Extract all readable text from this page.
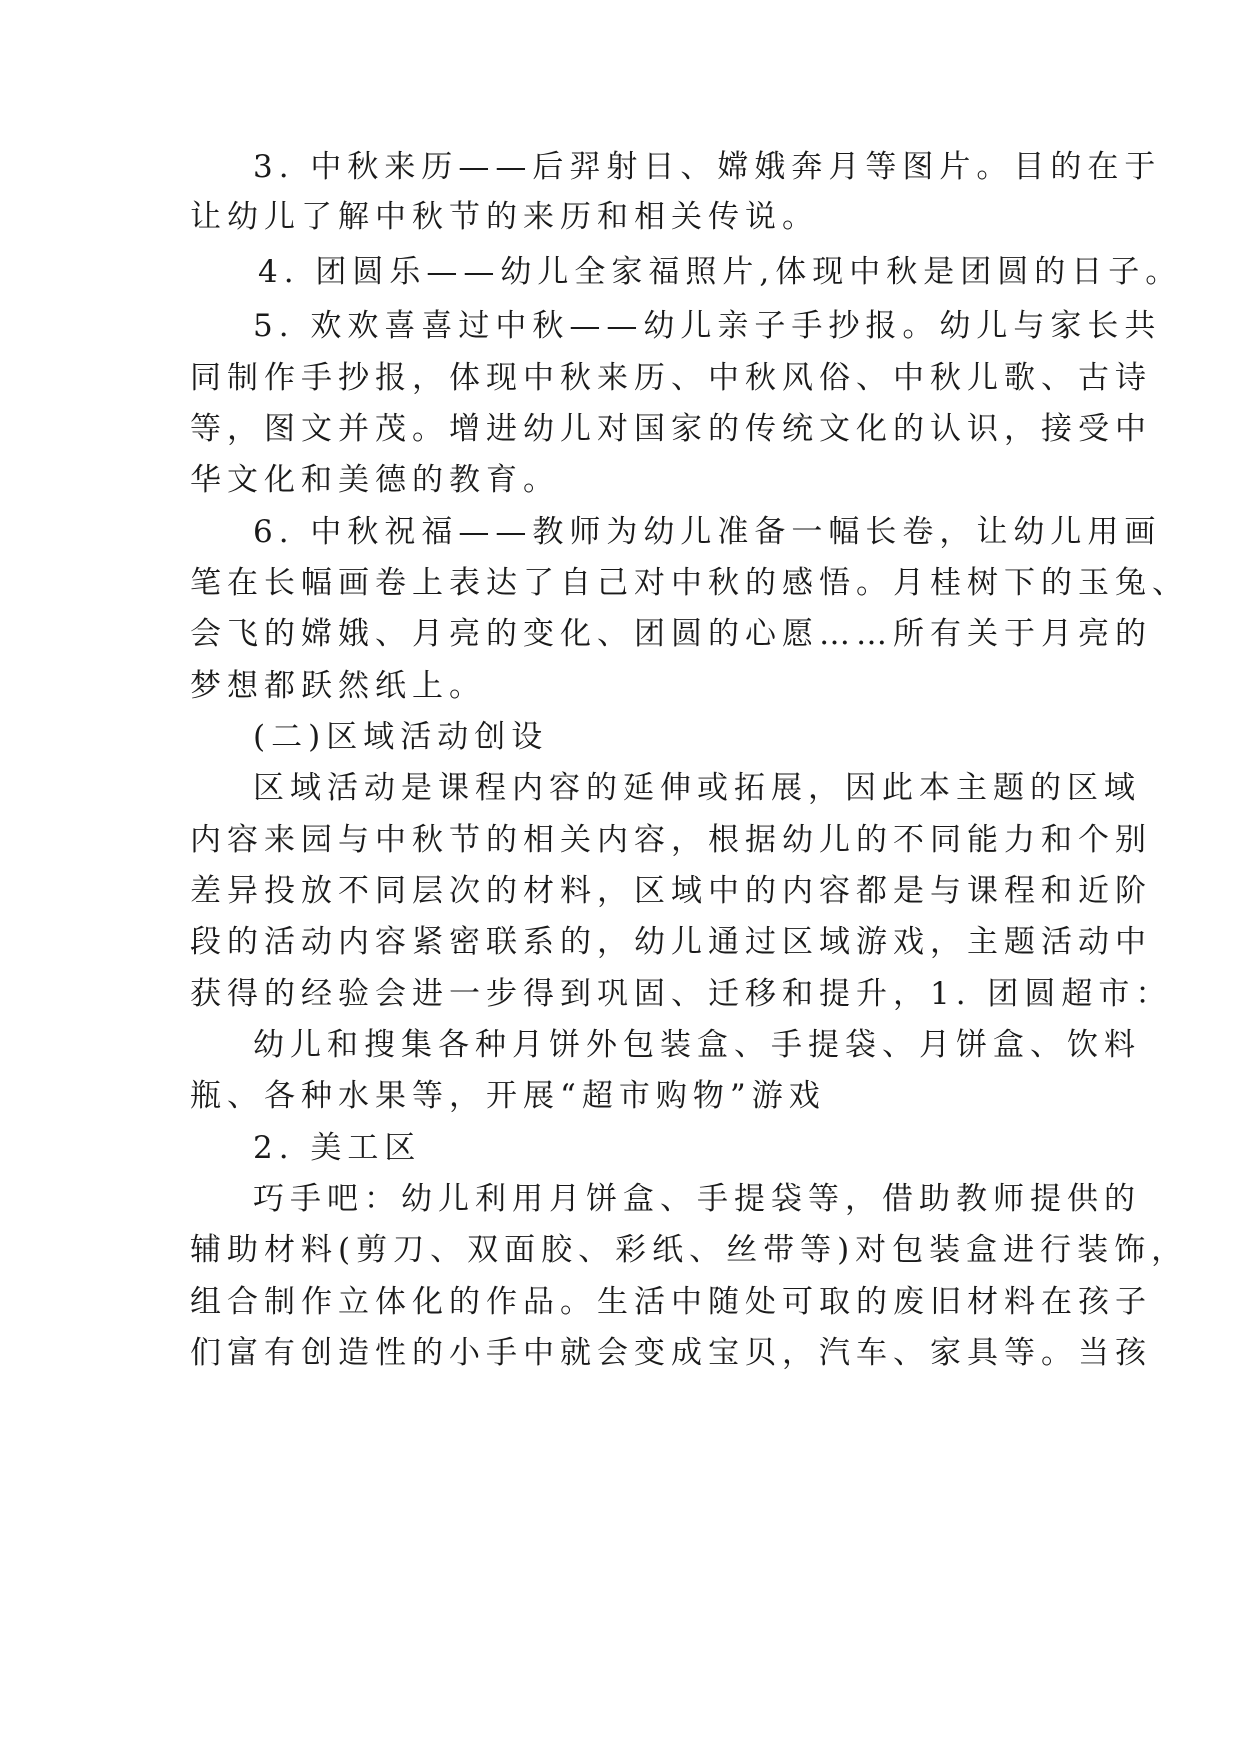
3. 中秋来历——后羿射日、嫦娥奔月等图片。目的在于
让幼儿了解中秋节的来历和相关传说。
4. 团圆乐——幼儿全家福照片,体现中秋是团圆的日子。
5. 欢欢喜喜过中秋——幼儿亲子手抄报。幼儿与家长共
同制作手抄报，体现中秋来历、中秋风俗、中秋儿歌、古诗
等，图文并茂。增进幼儿对国家的传统文化的认识，接受中
华文化和美德的教育。
6. 中秋祝福——教师为幼儿准备一幅长卷，让幼儿用画
笔在长幅画卷上表达了自己对中秋的感悟。月桂树下的玉兔、
会飞的嫦娥、月亮的变化、团圆的心愿……所有关于月亮的
梦想都跃然纸上。
(二)区域活动创设
区域活动是课程内容的延伸或拓展，因此本主题的区域
内容来园与中秋节的相关内容，根据幼儿的不同能力和个别
差异投放不同层次的材料，区域中的内容都是与课程和近阶
段的活动内容紧密联系的，幼儿通过区域游戏，主题活动中
获得的经验会进一步得到巩固、迁移和提升，1. 团圆超市：
幼儿和搜集各种月饼外包装盒、手提袋、月饼盒、饮料
瓶、各种水果等，开展“超市购物”游戏
2. 美工区
巧手吧：幼儿利用月饼盒、手提袋等，借助教师提供的
辅助材料(剪刀、双面胶、彩纸、丝带等)对包装盒进行装饰，
组合制作立体化的作品。生活中随处可取的废旧材料在孩子
们富有创造性的小手中就会变成宝贝，汽车、家具等。当孩
